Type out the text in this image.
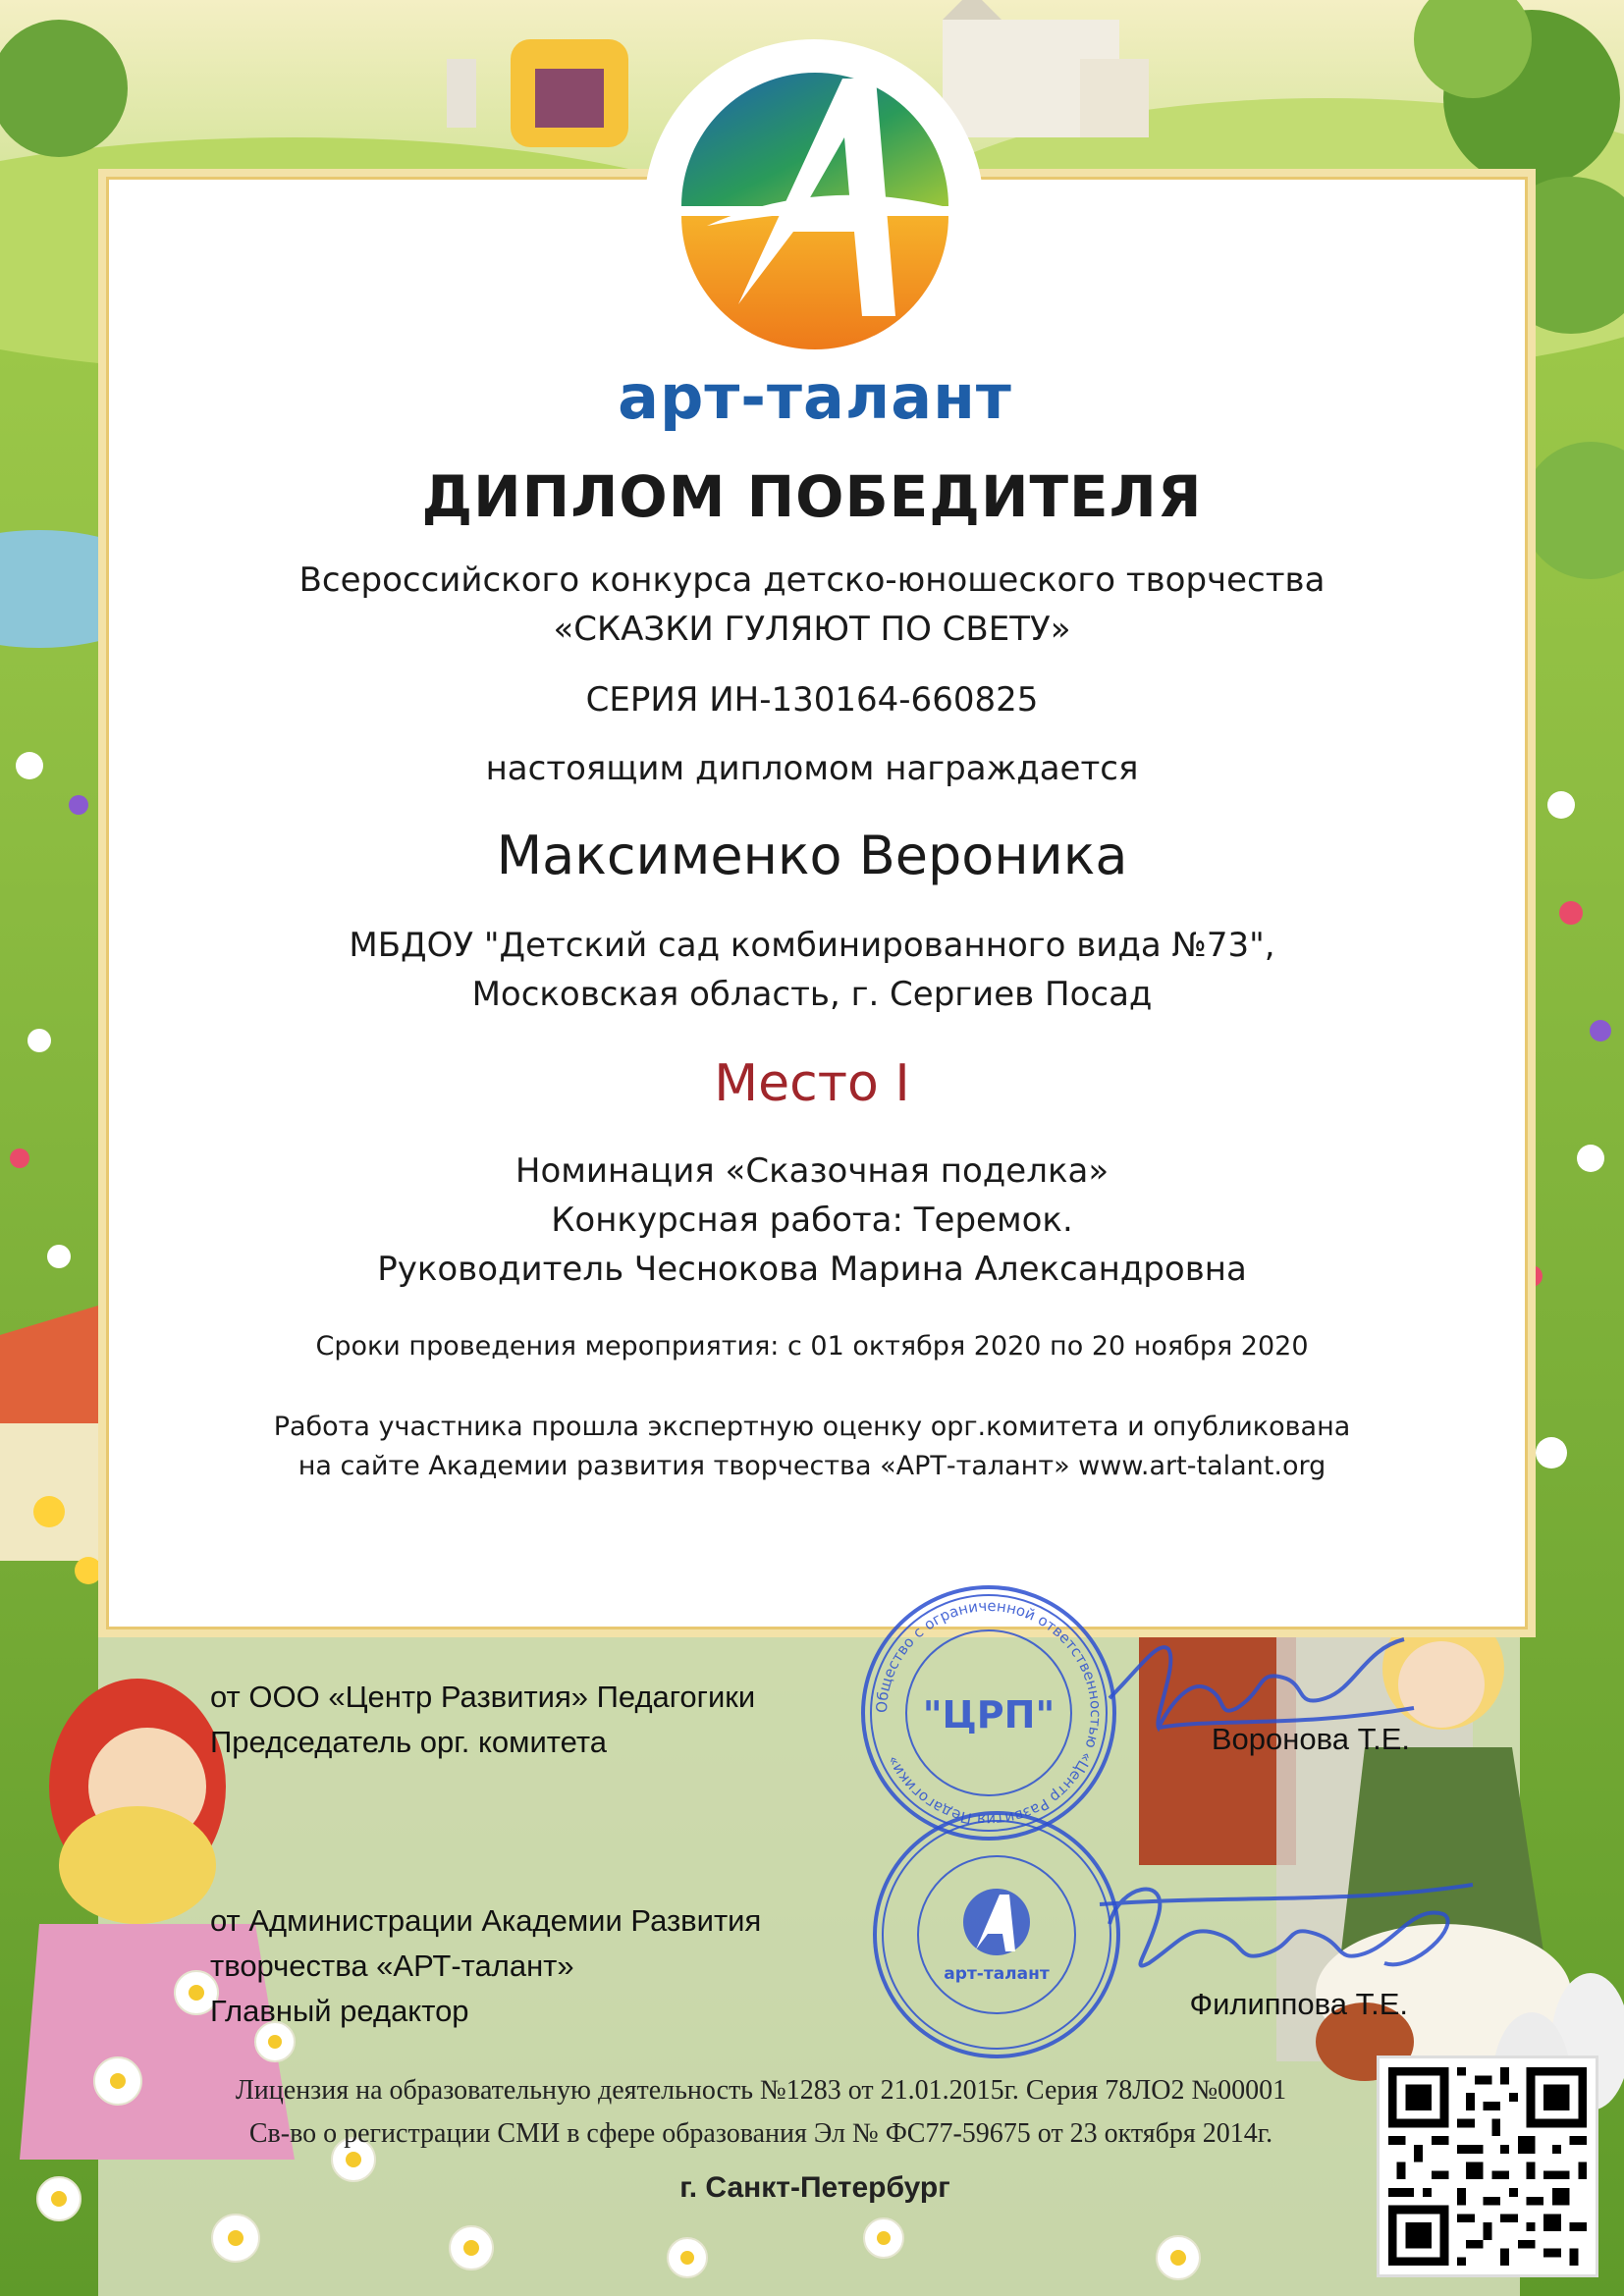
арт-талант
ДИПЛОМ ПОБЕДИТЕЛЯ
Всероссийского конкурса детско-юношеского творчества
«СКАЗКИ ГУЛЯЮТ ПО СВЕТУ»
СЕРИЯ ИН-130164-660825
настоящим дипломом награждается
Максименко Вероника
МБДОУ "Детский сад комбинированного вида №73",
Московская область, г. Сергиев Посад
Место I
Номинация «Сказочная поделка»
Конкурсная работа: Теремок.
Руководитель Чеснокова Марина Александровна
Сроки проведения мероприятия: с 01 октября 2020 по 20 ноября 2020
Работа участника прошла экспертную оценку орг.комитета и опубликована
на сайте Академии развития творчества «АРТ-талант» www.art-talant.org
от ООО «Центр Развития» Педагогики
Председатель орг. комитета	Воронова Т.Е.
от Администрации Академии Развития
творчества «АРТ-талант»
Главный редактор	Филиппова Т.Е.
Общество с ограниченной ответственностью «Центр Развития Педагогики»
"ЦРП"
арт-талант
Лицензия на образовательную деятельность №1283 от 21.01.2015г. Серия 78ЛО2 №00001
Св-во о регистрации СМИ в сфере образования Эл № ФС77-59675 от 23 октября 2014г.
г. Санкт-Петербург
